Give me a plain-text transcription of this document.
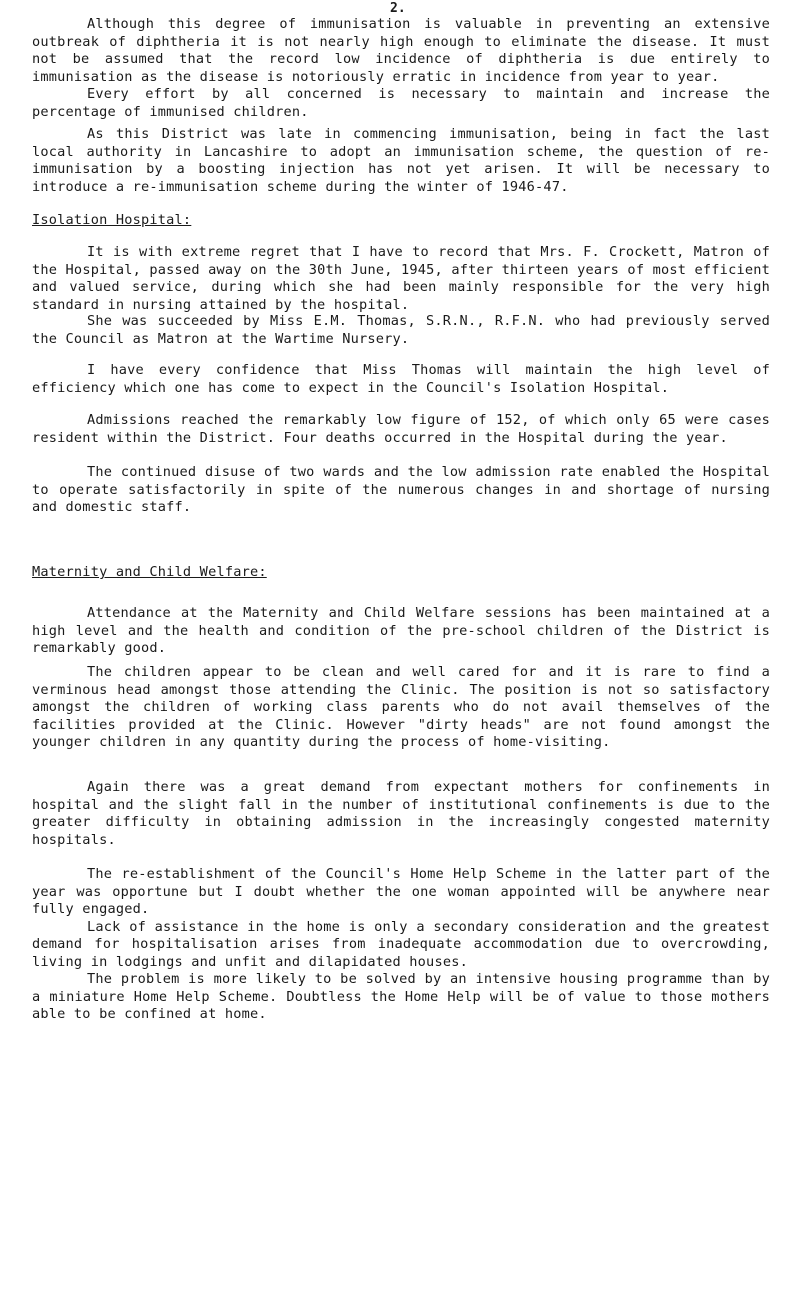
2.

Although this degree of immunisation is valuable in preventing an extensive outbreak of diphtheria it is not nearly high enough to eliminate the disease. It must not be assumed that the record low incidence of diphtheria is due entirely to immunisation as the disease is notoriously erratic in incidence from year to year.

Every effort by all concerned is necessary to maintain and increase the percentage of immunised children.

As this District was late in commencing immunisation, being in fact the last local authority in Lancashire to adopt an immunisation scheme, the question of re-immunisation by a boosting injection has not yet arisen. It will be necessary to introduce a re-immunisation scheme during the winter of 1946-47.

Isolation Hospital:

It is with extreme regret that I have to record that Mrs. F. Crockett, Matron of the Hospital, passed away on the 30th June, 1945, after thirteen years of most efficient and valued service, during which she had been mainly responsible for the very high standard in nursing attained by the hospital.

She was succeeded by Miss E.M. Thomas, S.R.N., R.F.N. who had previously served the Council as Matron at the Wartime Nursery.

I have every confidence that Miss Thomas will maintain the high level of efficiency which one has come to expect in the Council's Isolation Hospital.

Admissions reached the remarkably low figure of 152, of which only 65 were cases resident within the District. Four deaths occurred in the Hospital during the year.

The continued disuse of two wards and the low admission rate enabled the Hospital to operate satisfactorily in spite of the numerous changes in and shortage of nursing and domestic staff.

Maternity and Child Welfare:

Attendance at the Maternity and Child Welfare sessions has been maintained at a high level and the health and condition of the pre-school children of the District is remarkably good.

The children appear to be clean and well cared for and it is rare to find a verminous head amongst those attending the Clinic. The position is not so satisfactory amongst the children of working class parents who do not avail themselves of the facilities provided at the Clinic. However "dirty heads" are not found amongst the younger children in any quantity during the process of home-visiting.

Again there was a great demand from expectant mothers for confinements in hospital and the slight fall in the number of institutional confinements is due to the greater difficulty in obtaining admission in the increasingly congested maternity hospitals.

The re-establishment of the Council's Home Help Scheme in the latter part of the year was opportune but I doubt whether the one woman appointed will be anywhere near fully engaged.

Lack of assistance in the home is only a secondary consideration and the greatest demand for hospitalisation arises from inadequate accommodation due to overcrowding, living in lodgings and unfit and dilapidated houses.

The problem is more likely to be solved by an intensive housing programme than by a miniature Home Help Scheme. Doubtless the Home Help will be of value to those mothers able to be confined at home.
